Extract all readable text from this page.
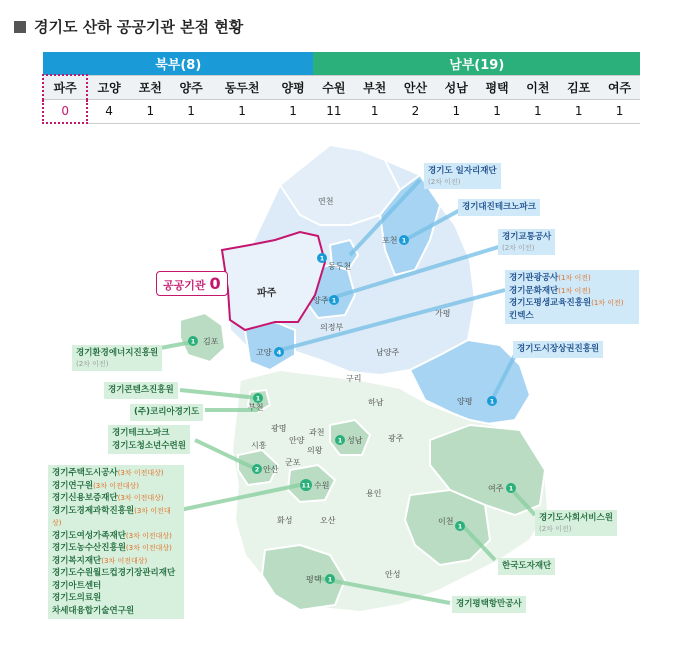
경기도 산하 공공기관 본점 현황
북부(8)						남부(19)							
파주	고양	포천	양주	동두천	양평	수원	부천	안산	성남	평택	이천	김포	여주
0	4	1	1	1	1	11	1	2	1	1	1	1	1
연천
포천
동두천
파주
양주
의정부
가평
고양
김포
남양주
구리
하남	양평
부천
광명	과천
시흥
안양	성남	광주
의왕
군포
안산
수원
용인
여주
화성	오산	이천
평택
안성
1
1
1
4
1
1
1
1
2
11	1
1
1
공공기관 0
경기도 일자리재단
(2차 이전)
경기대진테크노파크
경기교통공사
(2차 이전)
경기관광공사(1차 이전)
경기문화재단(1차 이전)
경기도평생교육진흥원(1차 이전)
킨텍스
경기도시장상권진흥원
경기환경에너지진흥원
(2차 이전)
경기콘텐츠진흥원
(주)코리아경기도
경기테크노파크
경기도청소년수련원
경기주택도시공사(3차 이전대상)
경기연구원(3차 이전대상)
경기신용보증재단(3차 이전대상)
경기도경제과학진흥원(3차 이전대상)
경기도여성가족재단(3차 이전대상)
경기도농수산진흥원(3차 이전대상)
경기복지재단(3차 이전대상)
경기도수원월드컵경기장관리재단
경기아트센터
경기도의료원
차세대융합기술연구원
경기도사회서비스원
(2차 이전)
한국도자재단
경기평택항만공사
